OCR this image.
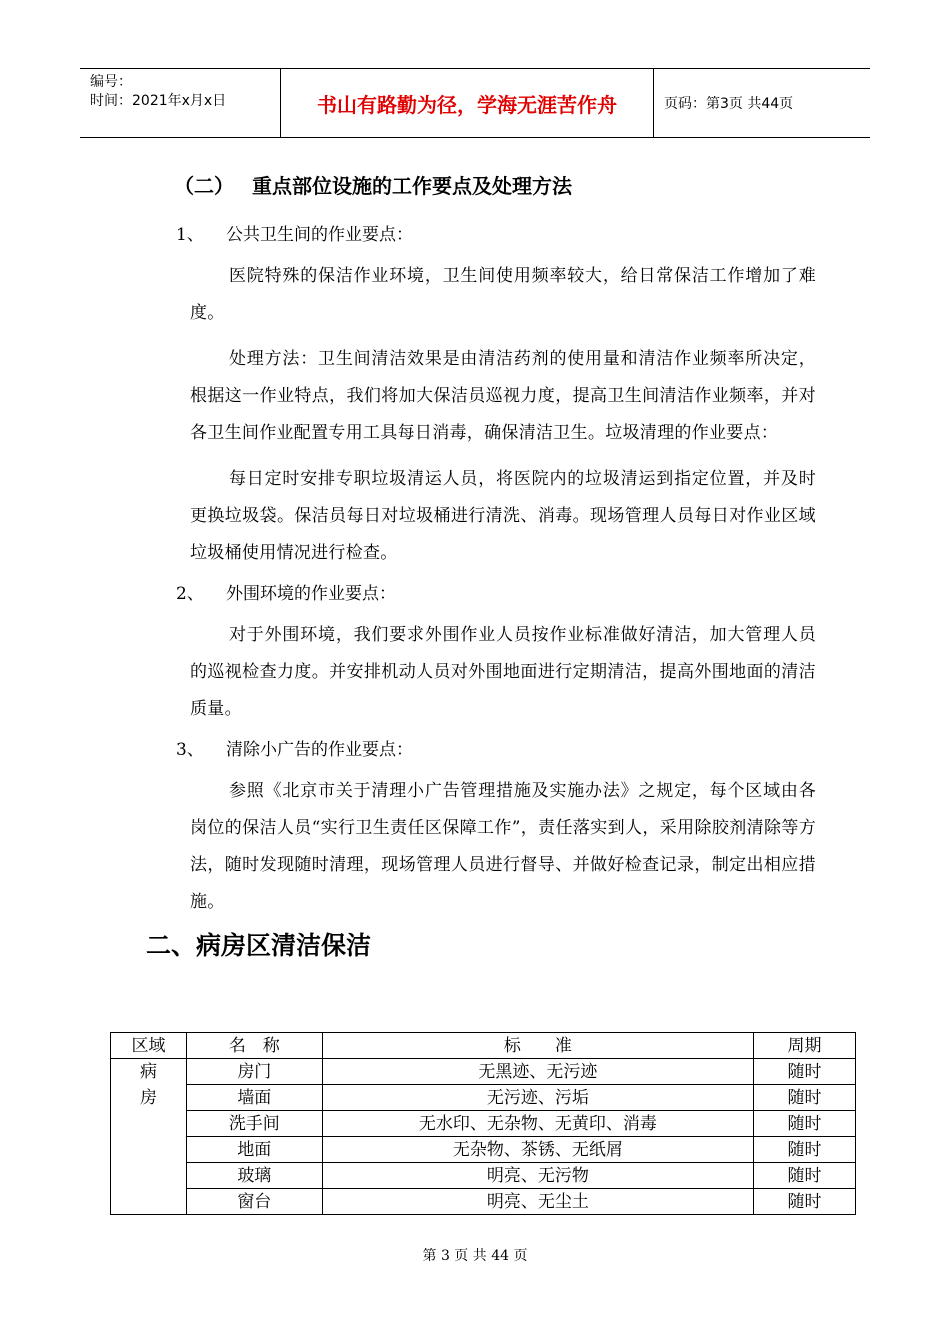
编号：
时间：2021年x月x日	书山有路勤为径，学海无涯苦作舟	页码：第3页 共44页
（二） 重点部位设施的工作要点及处理方法
1、	公共卫生间的作业要点：

医院特殊的保洁作业环境，卫生间使用频率较大，给日常保洁工作增加了难度。

处理方法：卫生间清洁效果是由清洁药剂的使用量和清洁作业频率所决定，根据这一作业特点，我们将加大保洁员巡视力度，提高卫生间清洁作业频率，并对各卫生间作业配置专用工具每日消毒，确保清洁卫生。垃圾清理的作业要点：

每日定时安排专职垃圾清运人员，将医院内的垃圾清运到指定位置，并及时更换垃圾袋。保洁员每日对垃圾桶进行清洗、消毒。现场管理人员每日对作业区域垃圾桶使用情况进行检查。

2、	外围环境的作业要点：

对于外围环境，我们要求外围作业人员按作业标准做好清洁，加大管理人员的巡视检查力度。并安排机动人员对外围地面进行定期清洁，提高外围地面的清洁质量。

3、	清除小广告的作业要点：

参照《北京市关于清理小广告管理措施及实施办法》之规定，每个区域由各岗位的保洁人员“实行卫生责任区保障工作”，责任落实到人，采用除胶剂清除等方法，随时发现随时清理，现场管理人员进行督导、并做好检查记录，制定出相应措施。

二、病房区清洁保洁
区域	名　称	标　　准	周期

病
房	房门	无黑迹、无污迹	随时
	墙面	无污迹、污垢	随时
	洗手间	无水印、无杂物、无黄印、消毒	随时
	地面	无杂物、茶锈、无纸屑	随时
	玻璃	明亮、无污物	随时
	窗台	明亮、无尘土	随时
第 3 页 共 44 页
